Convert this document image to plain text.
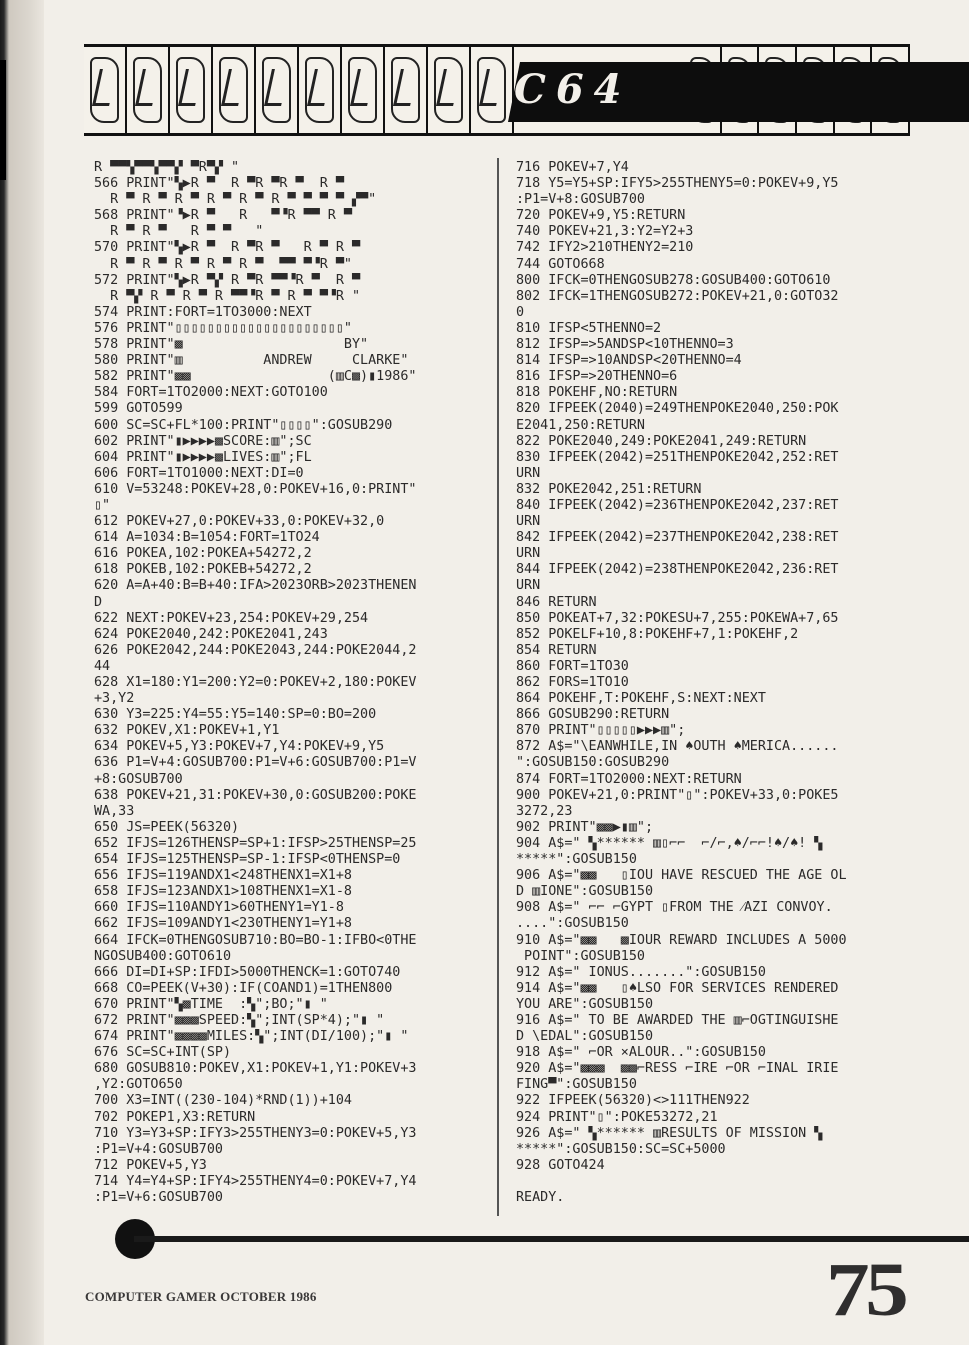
C64
R ▀▀▚▀▀▚▀▀▞ ▀R▀▞ "
566 PRINT"▚▶R ▀  R ▀R ▀R ▀  R ▀
R ▀ R ▀ R ▀ R ▀ R ▀ R ▀ ▀ ▀ ▀ ▞▀"
568 PRINT"▝▶R ▀   R   ▀▝R ▀▀ R ▀
R ▀ R ▀   R ▀ ▀   "
570 PRINT"▚▶R ▀  R ▀R ▀   R ▀ R ▀
R ▀ R ▀ R ▀ R ▀ R ▀  ▀▀ ▀▝R ▀"
572 PRINT"▚▶R ▀▞ R ▀R ▀▀▝R ▀  R ▀
R ▀▞ R ▀ R ▀ R ▀▀▝R ▀ R ▀ ▀▝R "
574 PRINT:FORT=1TO3000:NEXT
576 PRINT"▯▯▯▯▯▯▯▯▯▯▯▯▯▯▯▯▯▯▯▯▯"
578 PRINT"▩                    BY"
580 PRINT"▥          ANDREW     CLARKE"
582 PRINT"▩▩                 (▥C▩)▮1986"
584 FORT=1TO2000:NEXT:GOTO100
599 GOTO599
600 SC=SC+FL*100:PRINT"▯▯▯▯":GOSUB290
602 PRINT"▮▶▶▶▶▩SCORE:▥";SC
604 PRINT"▮▶▶▶▶▩LIVES:▥";FL
606 FORT=1TO1000:NEXT:DI=0
610 V=53248:POKEV+28,0:POKEV+16,0:PRINT"
▯"
612 POKEV+27,0:POKEV+33,0:POKEV+32,0
614 A=1034:B=1054:FORT=1TO24
616 POKEA,102:POKEA+54272,2
618 POKEB,102:POKEB+54272,2
620 A=A+40:B=B+40:IFA>2023ORB>2023THENEN
D
622 NEXT:POKEV+23,254:POKEV+29,254
624 POKE2040,242:POKE2041,243
626 POKE2042,244:POKE2043,244:POKE2044,2
44
628 X1=180:Y1=200:Y2=0:POKEV+2,180:POKEV
+3,Y2
630 Y3=225:Y4=55:Y5=140:SP=0:BO=200
632 POKEV,X1:POKEV+1,Y1
634 POKEV+5,Y3:POKEV+7,Y4:POKEV+9,Y5
636 P1=V+4:GOSUB700:P1=V+6:GOSUB700:P1=V
+8:GOSUB700
638 POKEV+21,31:POKEV+30,0:GOSUB200:POKE
WA,33
650 JS=PEEK(56320)
652 IFJS=126THENSP=SP+1:IFSP>25THENSP=25
654 IFJS=125THENSP=SP-1:IFSP<0THENSP=0
656 IFJS=119ANDX1<248THENX1=X1+8
658 IFJS=123ANDX1>108THENX1=X1-8
660 IFJS=110ANDY1>60THENY1=Y1-8
662 IFJS=109ANDY1<230THENY1=Y1+8
664 IFCK=0THENGOSUB710:BO=BO-1:IFBO<0THE
NGOSUB400:GOTO610
666 DI=DI+SP:IFDI>5000THENCK=1:GOTO740
668 CO=PEEK(V+30):IF(COAND1)=1THEN800
670 PRINT"▚▩TIME  :▚";BO;"▮ "
672 PRINT"▩▩▩SPEED:▚";INT(SP*4);"▮ "
674 PRINT"▩▩▩▩MILES:▚";INT(DI/100);"▮ "
676 SC=SC+INT(SP)
680 GOSUB810:POKEV,X1:POKEV+1,Y1:POKEV+3
,Y2:GOTO650
700 X3=INT((230-104)*RND(1))+104
702 POKEP1,X3:RETURN
710 Y3=Y3+SP:IFY3>255THENY3=0:POKEV+5,Y3
:P1=V+4:GOSUB700
712 POKEV+5,Y3
714 Y4=Y4+SP:IFY4>255THENY4=0:POKEV+7,Y4
:P1=V+6:GOSUB700
716 POKEV+7,Y4
718 Y5=Y5+SP:IFY5>255THENY5=0:POKEV+9,Y5
:P1=V+8:GOSUB700
720 POKEV+9,Y5:RETURN
740 POKEV+21,3:Y2=Y2+3
742 IFY2>210THENY2=210
744 GOTO668
800 IFCK=0THENGOSUB278:GOSUB400:GOTO610
802 IFCK=1THENGOSUB272:POKEV+21,0:GOTO32
0
810 IFSP<5THENNO=2
812 IFSP=>5ANDSP<10THENNO=3
814 IFSP=>10ANDSP<20THENNO=4
816 IFSP=>20THENNO=6
818 POKEHF,NO:RETURN
820 IFPEEK(2040)=249THENPOKE2040,250:POK
E2041,250:RETURN
822 POKE2040,249:POKE2041,249:RETURN
830 IFPEEK(2042)=251THENPOKE2042,252:RET
URN
832 POKE2042,251:RETURN
840 IFPEEK(2042)=236THENPOKE2042,237:RET
URN
842 IFPEEK(2042)=237THENPOKE2042,238:RET
URN
844 IFPEEK(2042)=238THENPOKE2042,236:RET
URN
846 RETURN
850 POKEAT+7,32:POKESU+7,255:POKEWA+7,65
852 POKELF+10,8:POKEHF+7,1:POKEHF,2
854 RETURN
860 FORT=1TO30
862 FORS=1TO10
864 POKEHF,T:POKEHF,S:NEXT:NEXT
866 GOSUB290:RETURN
870 PRINT"▯▯▯▯▯▶▶▶▥";
872 A$="\EANWHILE,IN ♠OUTH ♠MERICA......
":GOSUB150:GOSUB290
874 FORT=1TO2000:NEXT:RETURN
900 POKEV+21,0:PRINT"▯":POKEV+33,0:POKE5
3272,23
902 PRINT"▩▩▶▮▥";
904 A$=" ▚****** ▥▯⌐⌐  ⌐/⌐,♠/⌐⌐!♠/♠! ▚
*****":GOSUB150
906 A$="▩▩   ▯IOU HAVE RESCUED THE AGE OL
D ▥IONE":GOSUB150
908 A$=" ⌐⌐ ⌐GYPT ▯FROM THE ⁄AZI CONVOY.
....":GOSUB150
910 A$="▩▩   ▩IOUR REWARD INCLUDES A 5000
POINT":GOSUB150
912 A$=" IONUS.......":GOSUB150
914 A$="▩▩   ▯♠LSO FOR SERVICES RENDERED
YOU ARE":GOSUB150
916 A$=" TO BE AWARDED THE ▥⌐OGTINGUISHE
D \EDAL":GOSUB150
918 A$=" ⌐OR ×ALOUR..":GOSUB150
920 A$="▩▩▩  ▩▩⌐RESS ⌐IRE ⌐OR ⌐INAL IRIE
FING▀":GOSUB150
922 IFPEEK(56320)<>111THEN922
924 PRINT"▯":POKE53272,21
926 A$=" ▚****** ▥RESULTS OF MISSION ▚
*****":GOSUB150:SC=SC+5000
928 GOTO424
READY.
COMPUTER GAMER OCTOBER 1986	75
